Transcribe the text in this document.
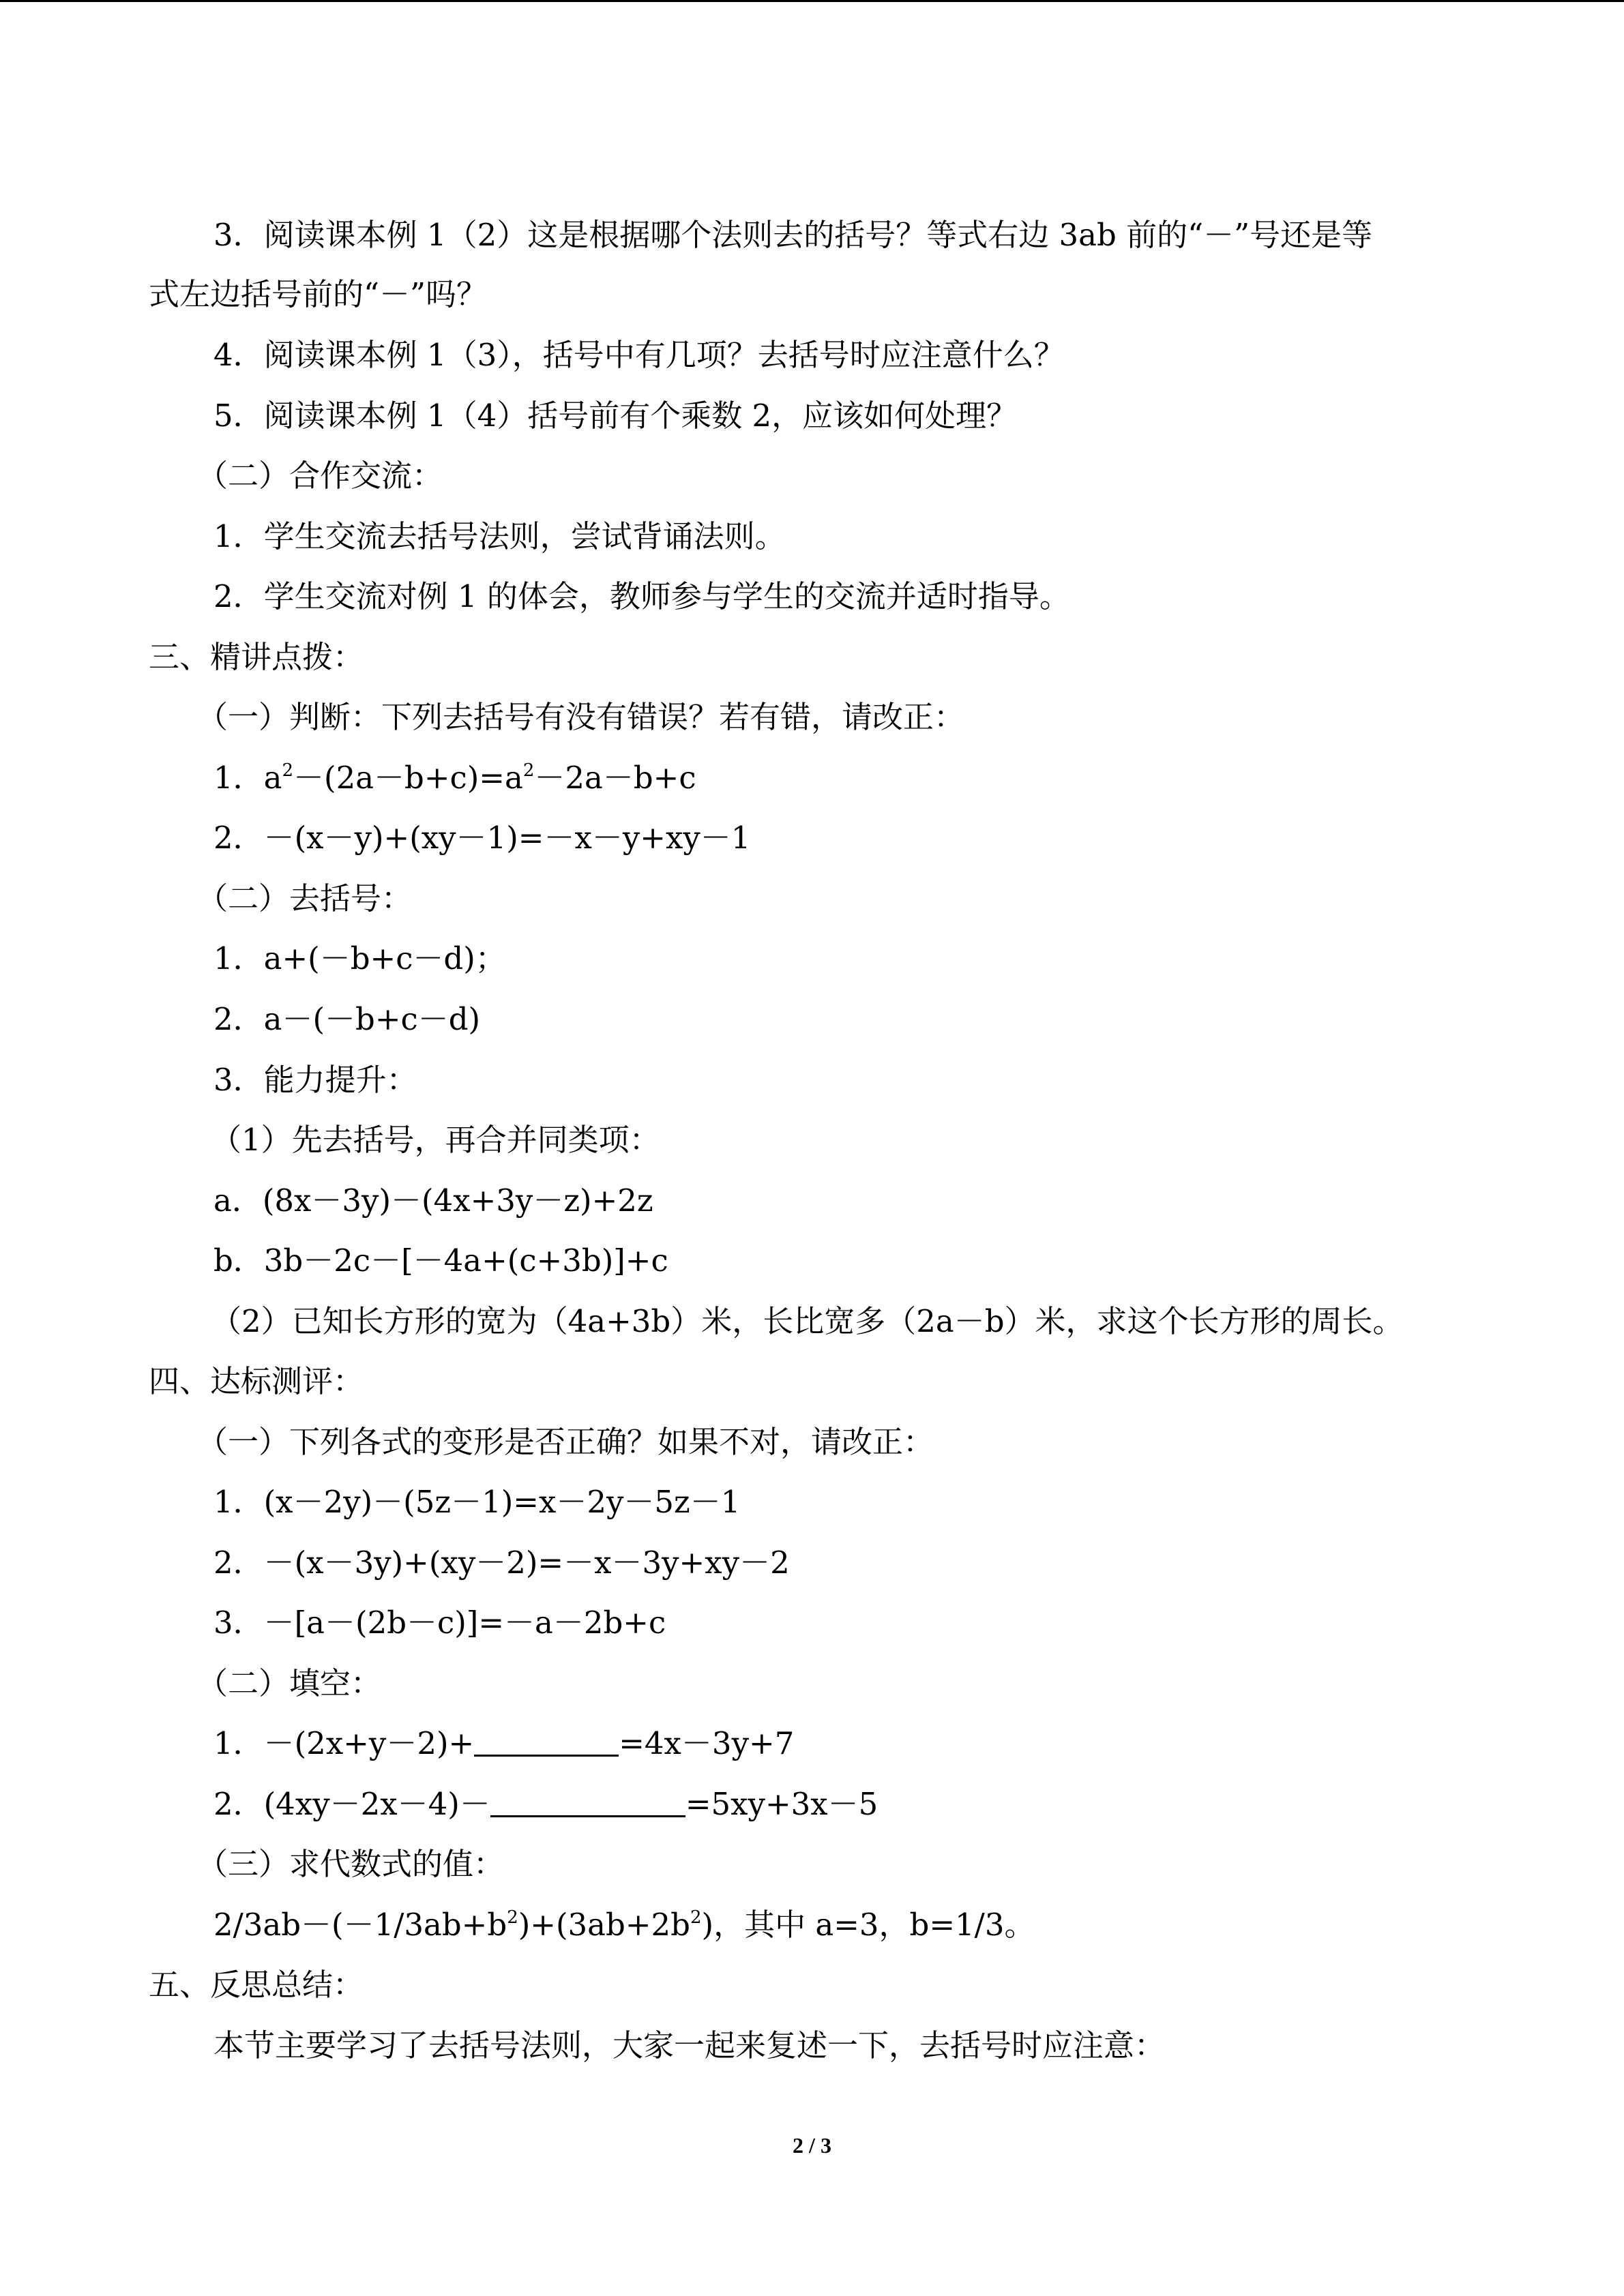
3．阅读课本例 1（2）这是根据哪个法则去的括号？等式右边 3ab 前的“－”号还是等
式左边括号前的“－”吗？
4．阅读课本例 1（3），括号中有几项？去括号时应注意什么？
5．阅读课本例 1（4）括号前有个乘数 2，应该如何处理？
（二）合作交流：
1．学生交流去括号法则，尝试背诵法则。
2．学生交流对例 1 的体会，教师参与学生的交流并适时指导。
三、精讲点拨：
（一）判断：下列去括号有没有错误？若有错，请改正：
1．$a^2-(2a-b+c)=a^2-2a-b+c$
2．－(x－y)+(xy－1)=－x－y+xy－1
（二）去括号：
1．a+(－b+c－d)；
2．a－(－b+c－d)
3．能力提升：
（1）先去括号，再合并同类项：
a．(8x－3y)－(4x+3y－z)+2z
b．3b－2c－[－4a+(c+3b)]+c
（2）已知长方形的宽为（4a+3b）米，长比宽多（2a－b）米，求这个长方形的周长。
四、达标测评：
（一）下列各式的变形是否正确？如果不对，请改正：
1．(x－2y)－(5z－1)=x－2y－5z－1
2．－(x－3y)+(xy－2)=－x－3y+xy－2
3．－[a－(2b－c)]=－a－2b+c
（二）填空：
1．－(2x+y－2)+	=4x－3y+7
2．(4xy－2x－4)－	=5xy+3x－5
（三）求代数式的值：
$2/3ab-(-1/3ab+b^2)+(3ab+2b^2)$，其中 a=3，b=1/3。
五、反思总结：
本节主要学习了去括号法则，大家一起来复述一下，去括号时应注意：
2 / 3
